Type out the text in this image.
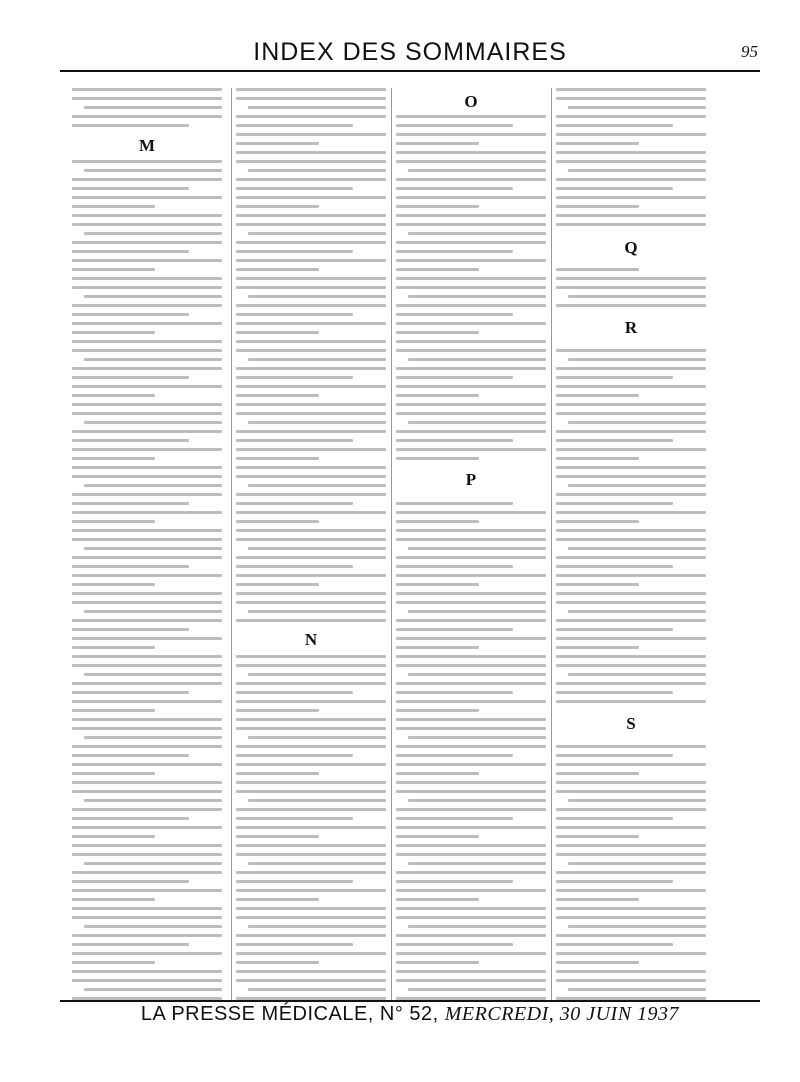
INDEX DES SOMMAIRES	95
M
N
O
P
Q
R
S
LA PRESSE MÉDICALE, N° 52, MERCREDI, 30 JUIN 1937
